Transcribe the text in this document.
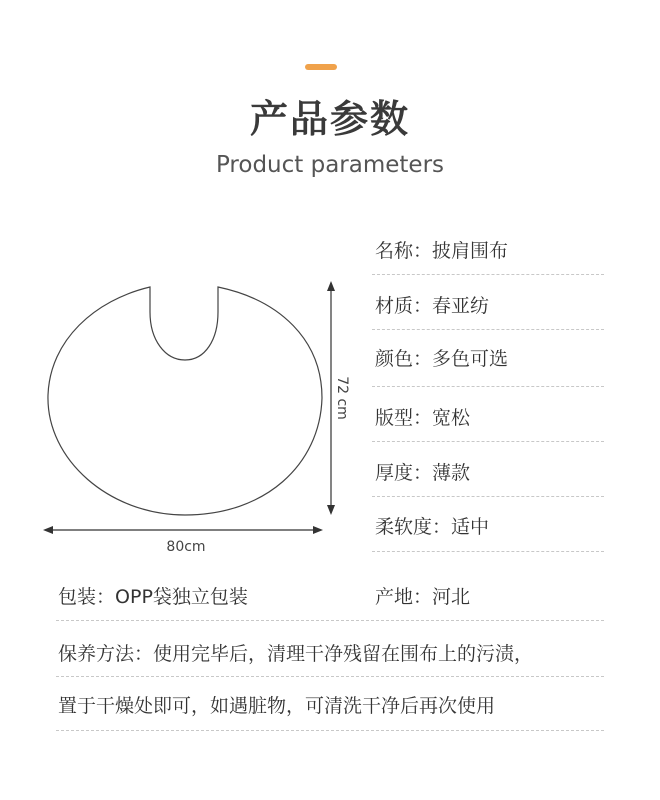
产品参数
Product parameters
72 cm
80cm
名称：披肩围布
材质：春亚纺
颜色：多色可选
版型：宽松
厚度：薄款
柔软度：适中
包装：OPP袋独立包装	产地：河北
保养方法：使用完毕后，清理干净残留在围布上的污渍，
置于干燥处即可，如遇脏物，可清洗干净后再次使用
